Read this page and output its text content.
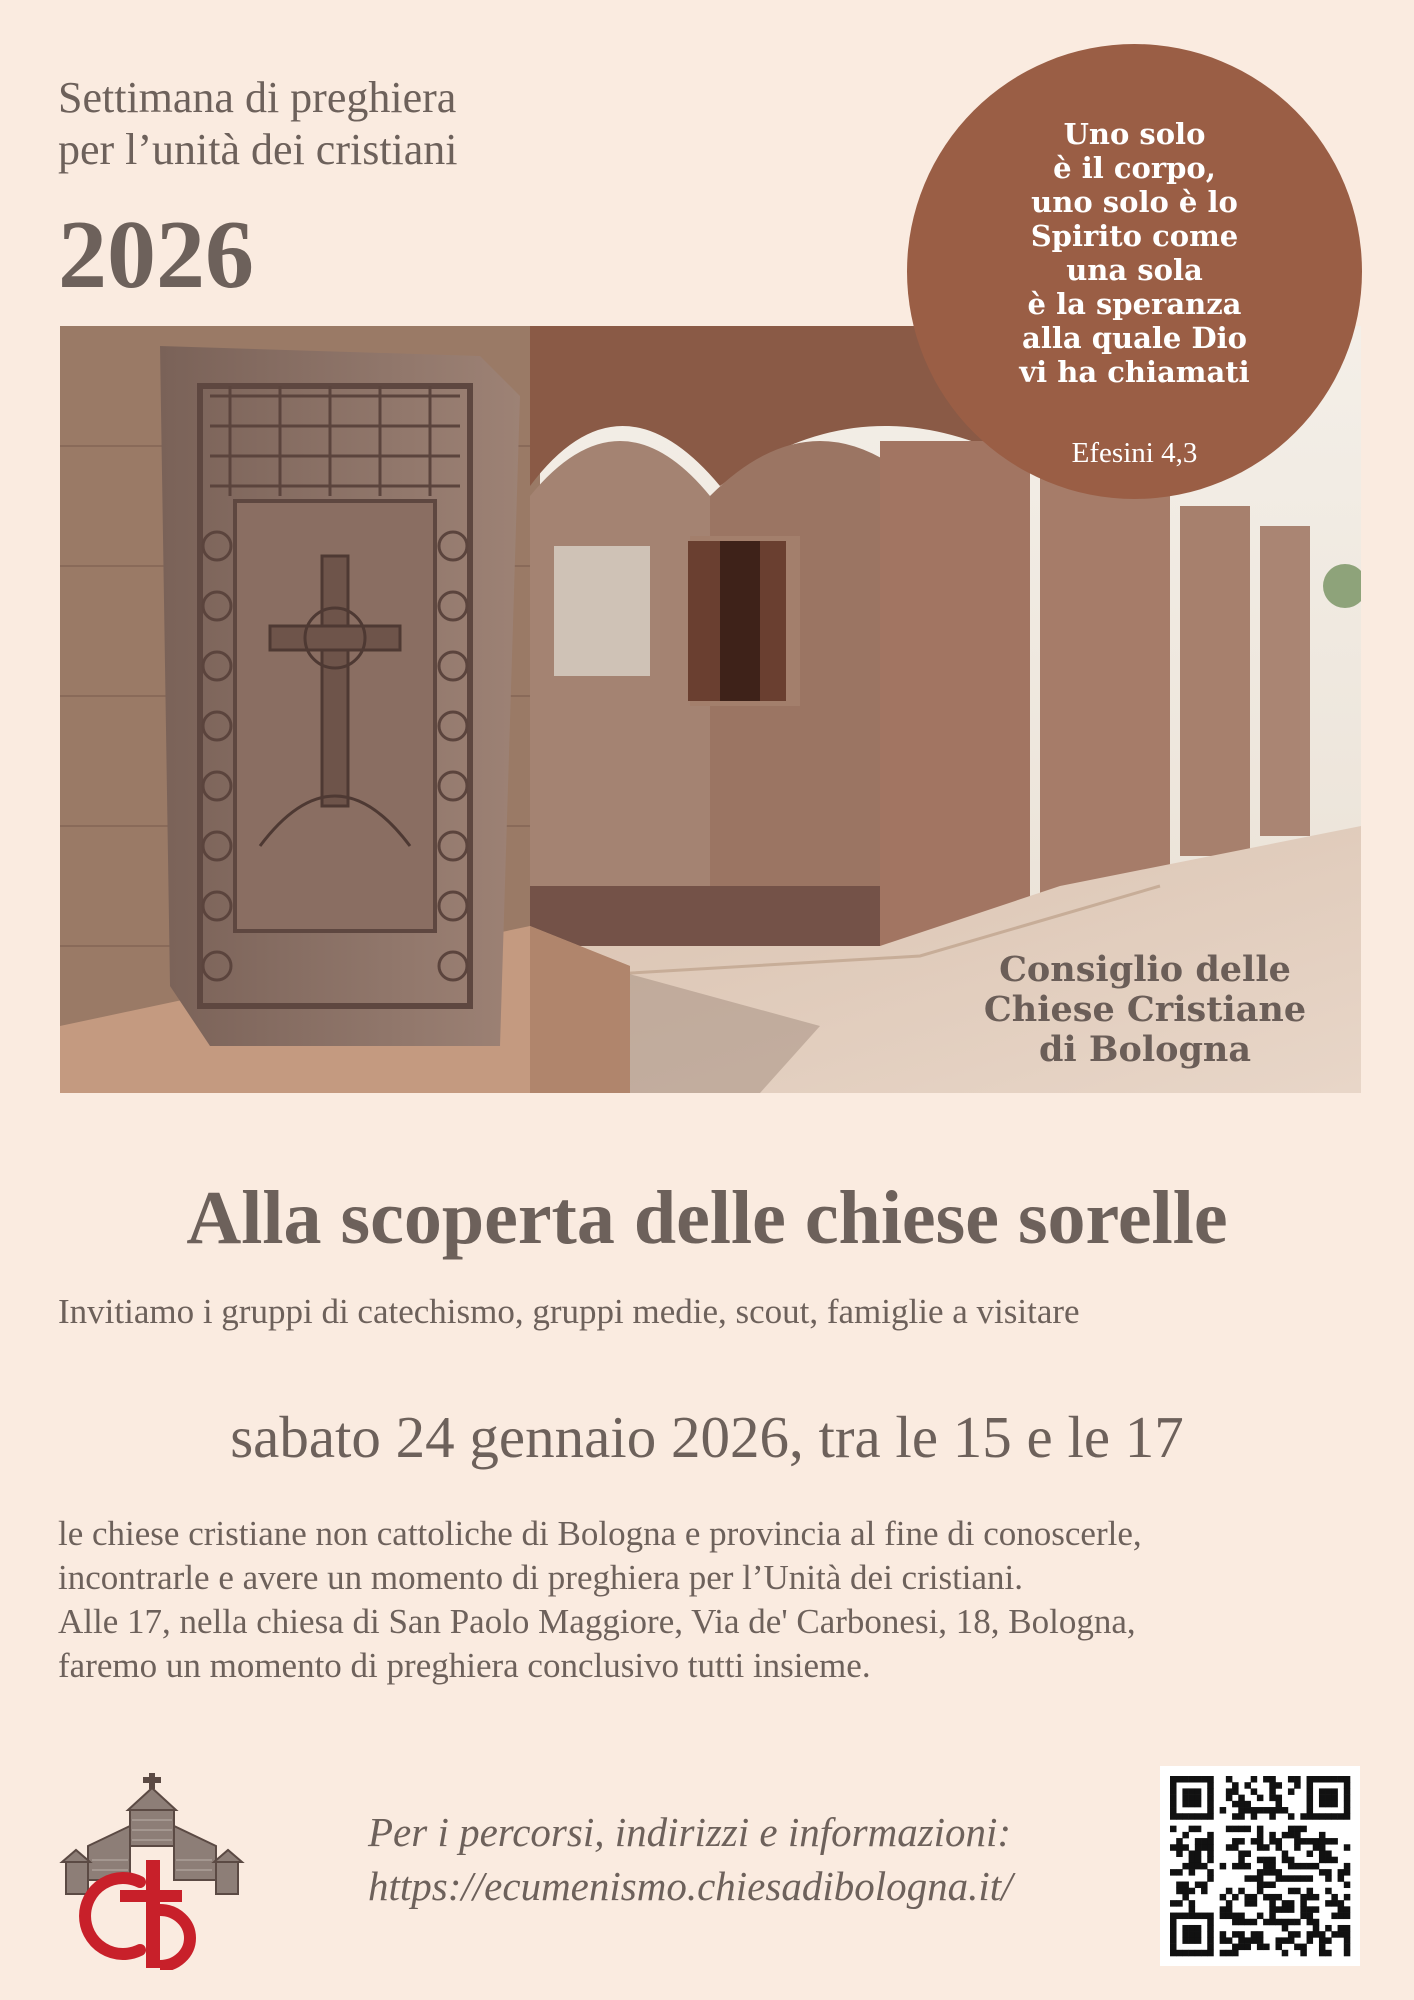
Settimana di preghiera
per l’unità dei cristiani
2026
Uno solo
è il corpo,
uno solo è lo
Spirito come
una sola
è la speranza
alla quale Dio
vi ha chiamati
Efesini 4,3
Consiglio delle
Chiese Cristiane
di Bologna
Alla scoperta delle chiese sorelle
Invitiamo i gruppi di catechismo, gruppi medie, scout, famiglie a visitare
sabato 24 gennaio 2026, tra le 15 e le 17
le chiese cristiane non cattoliche di Bologna e provincia al fine di conoscerle,
incontrarle e avere un momento di preghiera per l’Unità dei cristiani.
Alle 17, nella chiesa di San Paolo Maggiore, Via de' Carbonesi, 18, Bologna,
faremo un momento di preghiera conclusivo tutti insieme.
Per i percorsi, indirizzi e informazioni:
https://ecumenismo.chiesadibologna.it/
